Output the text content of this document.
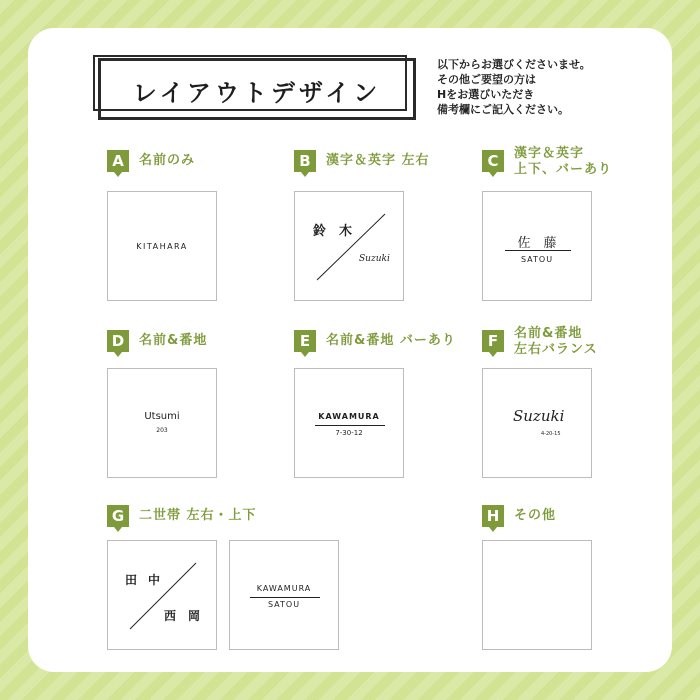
レイアウトデザイン
以下からお選びくださいませ。
その他ご要望の方は
Hをお選びいただき
備考欄にご記入ください。
A	名前のみ
KITAHARA
B	漢字＆英字 左右
鈴 木
Suzuki
C	漢字＆英字
上下、バーあり
佐　藤
SATOU
D	名前&番地
Utsumi
203
E	名前&番地 バーあり
KAWAMURA
7-30-12
F	名前&番地
左右バランス
Suzuki
4-20-15
G	二世帯 左右・上下
田 中
西 岡
KAWAMURA
SATOU
H	その他
